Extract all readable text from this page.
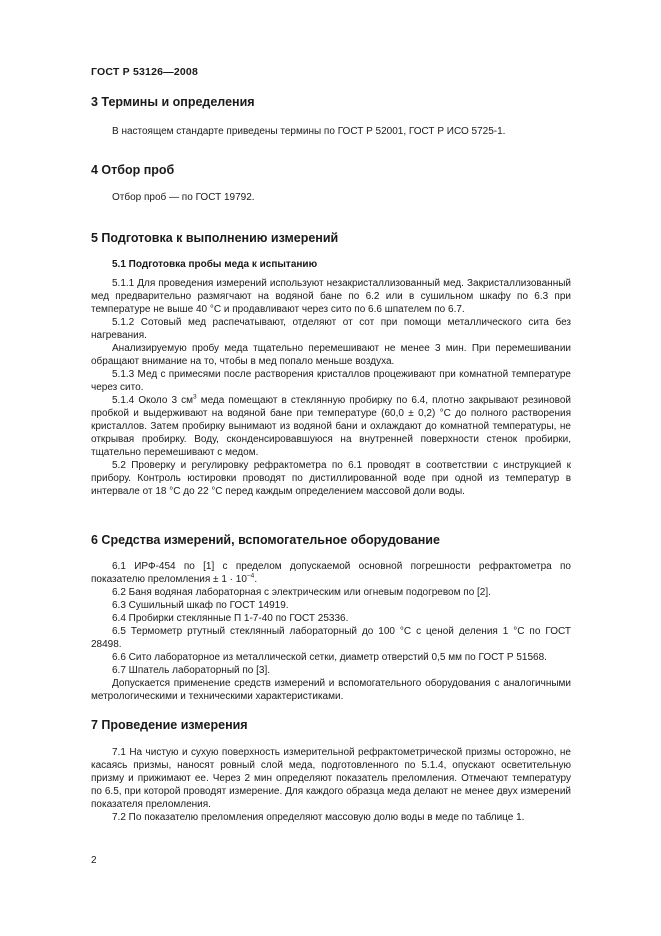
ГОСТ Р 53126—2008
3 Термины и определения

В настоящем стандарте приведены термины по ГОСТ Р 52001, ГОСТ Р ИСО 5725-1.

4 Отбор проб

Отбор проб — по ГОСТ 19792.

5 Подготовка к выполнению измерений
5.1 Подготовка пробы меда к испытанию

5.1.1 Для проведения измерений используют незакристаллизованный мед. Закристаллизованный мед предварительно размягчают на водяной бане по 6.2 или в сушильном шкафу по 6.3 при температуре не выше 40 °С и продавливают через сито по 6.6 шпателем по 6.7.

5.1.2 Сотовый мед распечатывают, отделяют от сот при помощи металлического сита без нагревания.

Анализируемую пробу меда тщательно перемешивают не менее 3 мин. При перемешивании обращают внимание на то, чтобы в мед попало меньше воздуха.

5.1.3 Мед с примесями после растворения кристаллов процеживают при комнатной температуре через сито.

5.1.4 Около 3 $см^3$ меда помещают в стеклянную пробирку по 6.4, плотно закрывают резиновой пробкой и выдерживают на водяной бане при температуре (60,0 ± 0,2) °С до полного растворения кристаллов. Затем пробирку вынимают из водяной бани и охлаждают до комнатной температуры, не открывая пробирку. Воду, сконденсировавшуюся на внутренней поверхности стенок пробирки, тщательно перемешивают с медом.

5.2 Проверку и регулировку рефрактометра по 6.1 проводят в соответствии с инструкцией к прибору. Контроль юстировки проводят по дистиллированной воде при одной из температур в интервале от 18 °С до 22 °С перед каждым определением массовой доли воды.

6 Средства измерений, вспомогательное оборудование

6.1 ИРФ-454 по [1] с пределом допускаемой основной погрешности рефрактометра по показателю преломления ± $1 \cdot 10^{-4}$.

6.2 Баня водяная лабораторная с электрическим или огневым подогревом по [2].

6.3 Сушильный шкаф по ГОСТ 14919.

6.4 Пробирки стеклянные П 1-7-40 по ГОСТ 25336.

6.5 Термометр ртутный стеклянный лабораторный до 100 °С с ценой деления 1 °С по ГОСТ 28498.

6.6 Сито лабораторное из металлической сетки, диаметр отверстий 0,5 мм по ГОСТ Р 51568.

6.7 Шпатель лабораторный по [3].

Допускается применение средств измерений и вспомогательного оборудования с аналогичными метрологическими и техническими характеристиками.

7 Проведение измерения

7.1 На чистую и сухую поверхность измерительной рефрактометрической призмы осторожно, не касаясь призмы, наносят ровный слой меда, подготовленного по 5.1.4, опускают осветительную призму и прижимают ее. Через 2 мин определяют показатель преломления. Отмечают температуру по 6.5, при которой проводят измерение. Для каждого образца меда делают не менее двух измерений показателя преломления.

7.2 По показателю преломления определяют массовую долю воды в меде по таблице 1.

2
